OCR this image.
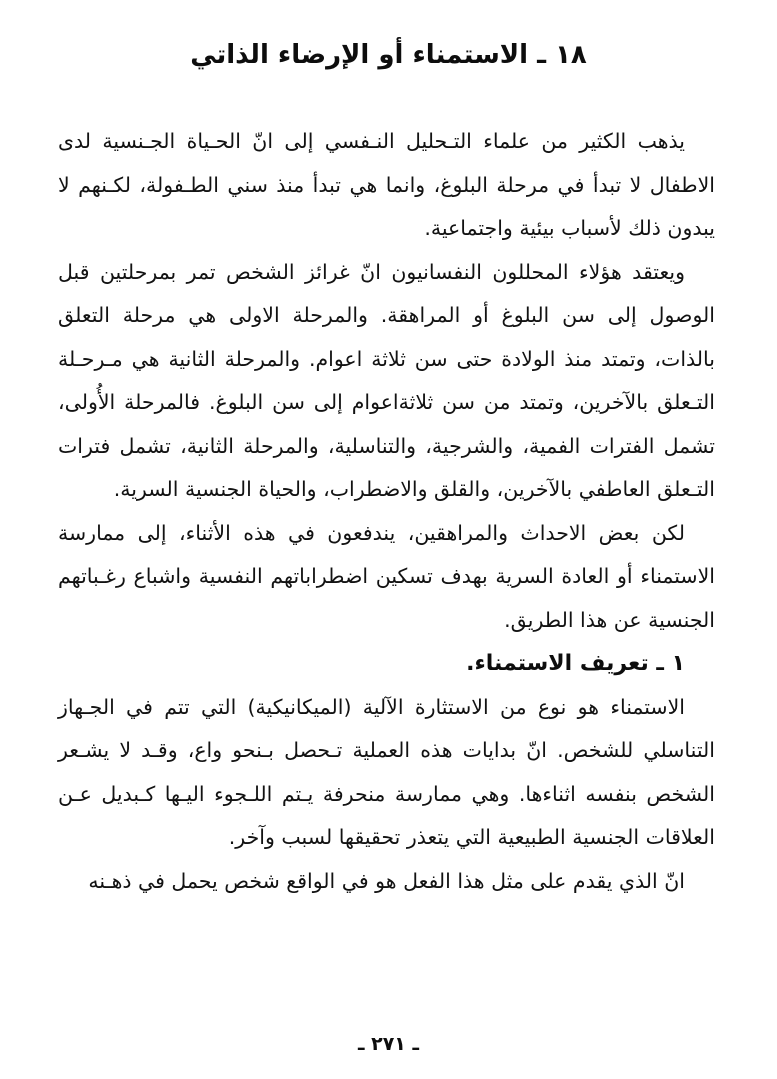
١٨ ـ الاستمناء أو الإرضاء الذاتي

يذهب الكثير من علماء التـحليل النـفسي إلى انّ الحـياة الجـنسية لدى الاطفال لا تبدأ في مرحلة البلوغ، وانما هي تبدأ منذ سني الطـفولة، لكـنهم لا يبدون ذلك لأسباب بيئية واجتماعية.

ويعتقد هؤلاء المحللون النفسانيون انّ غرائز الشخص تمر بمرحلتين قبل الوصول إلى سن البلوغ أو المراهقة. والمرحلة الاولى هي مرحلة التعلق بالذات، وتمتد منذ الولادة حتى سن ثلاثة اعوام. والمرحلة الثانية هي مـرحـلة التـعلق بالآخرين، وتمتد من سن ثلاثةاعوام إلى سن البلوغ. فالمرحلة الأُولى، تشمل الفترات الفمية، والشرجية، والتناسلية، والمرحلة الثانية، تشمل فترات التـعلق العاطفي بالآخرين، والقلق والاضطراب، والحياة الجنسية السرية.

لكن بعض الاحداث والمراهقين، يندفعون في هذه الأثناء، إلى ممارسة الاستمناء أو العادة السرية بهدف تسكين اضطراباتهم النفسية واشباع رغـباتهم الجنسية عن هذا الطريق.

١ ـ تعريف الاستمناء.

الاستمناء هو نوع من الاستثارة الآلية (الميكانيكية) التي تتم في الجـهاز التناسلي للشخص. انّ بدايات هذه العملية تـحصل بـنحو واع، وقـد لا يشـعر الشخص بنفسه اثناءها. وهي ممارسة منحرفة يـتم اللـجوء اليـها كـبديل عـن العلاقات الجنسية الطبيعية التي يتعذر تحقيقها لسبب وآخر.

انّ الذي يقدم على مثل هذا الفعل هو في الواقع شخص يحمل في ذهـنه

ـ ٢٧١ ـ
